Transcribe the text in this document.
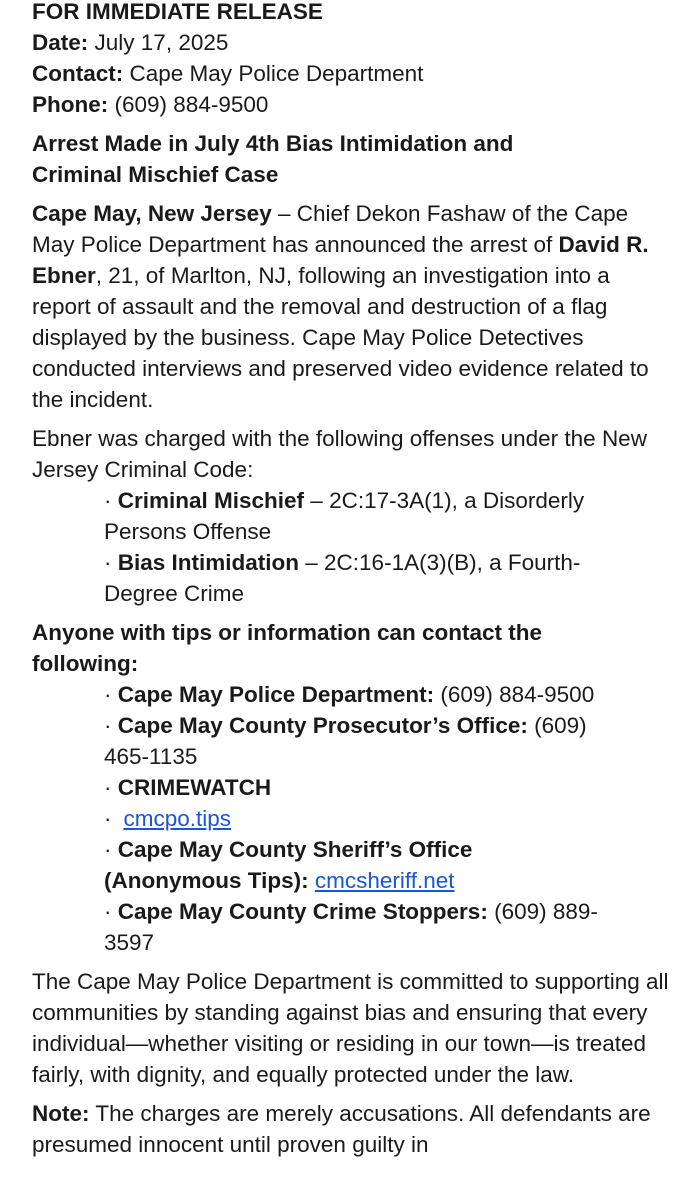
FOR IMMEDIATE RELEASE

Date: July 17, 2025

Contact: Cape May Police Department

Phone: (609) 884-9500

Arrest Made in July 4th Bias Intimidation and
Criminal Mischief Case

Cape May, New Jersey – Chief Dekon Fashaw of the Cape May Police Department has announced the arrest of David R. Ebner, 21, of Marlton, NJ, following an investigation into a report of assault and the removal and destruction of a flag displayed by the business. Cape May Police Detectives conducted interviews and preserved video evidence related to the incident.

Ebner was charged with the following offenses under the New Jersey Criminal Code:

· Criminal Mischief – 2C:17-3A(1), a Disorderly
Persons Offense

· Bias Intimidation – 2C:16-1A(3)(B), a Fourth-
Degree Crime

Anyone with tips or information can contact the
following:

· Cape May Police Department: (609) 884-9500

· Cape May County Prosecutor’s Office: (609)
465-1135

· CRIMEWATCH

· cmcpo.tips

· Cape May County Sheriff’s Office
(Anonymous Tips): cmcsheriff.net

· Cape May County Crime Stoppers: (609) 889-
3597

The Cape May Police Department is committed to supporting all communities by standing against bias and ensuring that every individual—whether visiting or residing in our town—is treated fairly, with dignity, and equally protected under the law.

Note: The charges are merely accusations. All defendants are presumed innocent until proven guilty in
